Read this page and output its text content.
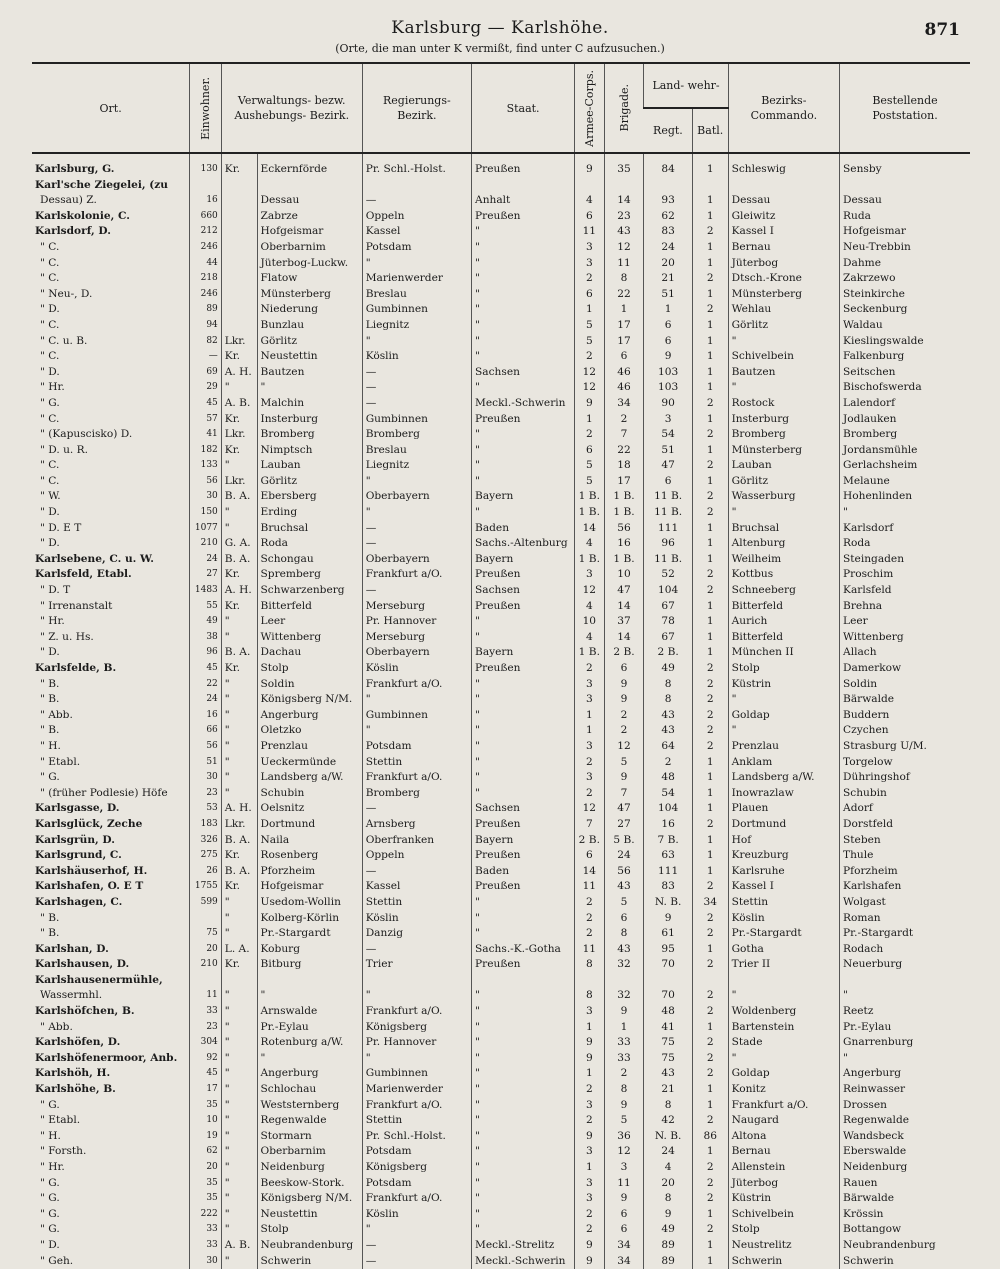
Karlsburg — Karlshöhe.	871
(Orte, die man unter K vermißt, find unter C aufzusuchen.)
Ort.	Einwohner.	Verwaltungs- bezw. Aushebungs- Bezirk.		Regierungs- Bezirk.	Staat.	Armee-Corps.	Brigade.	Land- wehr-		Bezirks- Commando.	Bestellende Poststation.
								Regt.	Batl.		
Karlsburg, G.	130	Kr.	Eckernförde	Pr. Schl.-Holst.	Preußen	9	35	84	1	Schleswig	Sensby
Karl'sche Ziegelei, (zu											
Dessau) Z.	16		Dessau	—	Anhalt	4	14	93	1	Dessau	Dessau
Karlskolonie, C.	660		Zabrze	Oppeln	Preußen	6	23	62	1	Gleiwitz	Ruda
Karlsdorf, D.	212		Hofgeismar	Kassel	"	11	43	83	2	Kassel I	Hofgeismar
" C.	246		Oberbarnim	Potsdam	"	3	12	24	1	Bernau	Neu-Trebbin
" C.	44		Jüterbog-Luckw.	"	"	3	11	20	1	Jüterbog	Dahme
" C.	218		Flatow	Marienwerder	"	2	8	21	2	Dtsch.-Krone	Zakrzewo
" Neu-, D.	246		Münsterberg	Breslau	"	6	22	51	1	Münsterberg	Steinkirche
" D.	89		Niederung	Gumbinnen	"	1	1	1	2	Wehlau	Seckenburg
" C.	94		Bunzlau	Liegnitz	"	5	17	6	1	Görlitz	Waldau
" C. u. B.	82	Lkr.	Görlitz	"	"	5	17	6	1	"	Kieslingswalde
" C.	—	Kr.	Neustettin	Köslin	"	2	6	9	1	Schivelbein	Falkenburg
" D.	69	A. H.	Bautzen	—	Sachsen	12	46	103	1	Bautzen	Seitschen
" Hr.	29	"	"	—	"	12	46	103	1	"	Bischofswerda
" G.	45	A. B.	Malchin	—	Meckl.-Schwerin	9	34	90	2	Rostock	Lalendorf
" C.	57	Kr.	Insterburg	Gumbinnen	Preußen	1	2	3	1	Insterburg	Jodlauken
" (Kapuscisko) D.	41	Lkr.	Bromberg	Bromberg	"	2	7	54	2	Bromberg	Bromberg
" D. u. R.	182	Kr.	Nimptsch	Breslau	"	6	22	51	1	Münsterberg	Jordansmühle
" C.	133	"	Lauban	Liegnitz	"	5	18	47	2	Lauban	Gerlachsheim
" C.	56	Lkr.	Görlitz	"	"	5	17	6	1	Görlitz	Melaune
" W.	30	B. A.	Ebersberg	Oberbayern	Bayern	1 B.	1 B.	11 B.	2	Wasserburg	Hohenlinden
" D.	150	"	Erding	"	"	1 B.	1 B.	11 B.	2	"	"
" D. E T	1077	"	Bruchsal	—	Baden	14	56	111	1	Bruchsal	Karlsdorf
" D.	210	G. A.	Roda	—	Sachs.-Altenburg	4	16	96	1	Altenburg	Roda
Karlsebene, C. u. W.	24	B. A.	Schongau	Oberbayern	Bayern	1 B.	1 B.	11 B.	1	Weilheim	Steingaden
Karlsfeld, Etabl.	27	Kr.	Spremberg	Frankfurt a/O.	Preußen	3	10	52	2	Kottbus	Proschim
" D. T	1483	A. H.	Schwarzenberg	—	Sachsen	12	47	104	2	Schneeberg	Karlsfeld
" Irrenanstalt	55	Kr.	Bitterfeld	Merseburg	Preußen	4	14	67	1	Bitterfeld	Brehna
" Hr.	49	"	Leer	Pr. Hannover	"	10	37	78	1	Aurich	Leer
" Z. u. Hs.	38	"	Wittenberg	Merseburg	"	4	14	67	1	Bitterfeld	Wittenberg
" D.	96	B. A.	Dachau	Oberbayern	Bayern	1 B.	2 B.	2 B.	1	München II	Allach
Karlsfelde, B.	45	Kr.	Stolp	Köslin	Preußen	2	6	49	2	Stolp	Damerkow
" B.	22	"	Soldin	Frankfurt a/O.	"	3	9	8	2	Küstrin	Soldin
" B.	24	"	Königsberg N/M.	"	"	3	9	8	2	"	Bärwalde
" Abb.	16	"	Angerburg	Gumbinnen	"	1	2	43	2	Goldap	Buddern
" B.	66	"	Oletzko	"	"	1	2	43	2	"	Czychen
" H.	56	"	Prenzlau	Potsdam	"	3	12	64	2	Prenzlau	Strasburg U/M.
" Etabl.	51	"	Ueckermünde	Stettin	"	2	5	2	1	Anklam	Torgelow
" G.	30	"	Landsberg a/W.	Frankfurt a/O.	"	3	9	48	1	Landsberg a/W.	Dühringshof
" (früher Podlesie) Höfe	23	"	Schubin	Bromberg	"	2	7	54	1	Inowrazlaw	Schubin
Karlsgasse, D.	53	A. H.	Oelsnitz	—	Sachsen	12	47	104	1	Plauen	Adorf
Karlsglück, Zeche	183	Lkr.	Dortmund	Arnsberg	Preußen	7	27	16	2	Dortmund	Dorstfeld
Karlsgrün, D.	326	B. A.	Naila	Oberfranken	Bayern	2 B.	5 B.	7 B.	1	Hof	Steben
Karlsgrund, C.	275	Kr.	Rosenberg	Oppeln	Preußen	6	24	63	1	Kreuzburg	Thule
Karlshäuserhof, H.	26	B. A.	Pforzheim	—	Baden	14	56	111	1	Karlsruhe	Pforzheim
Karlshafen, O. E T	1755	Kr.	Hofgeismar	Kassel	Preußen	11	43	83	2	Kassel I	Karlshafen
Karlshagen, C.	599	"	Usedom-Wollin	Stettin	"	2	5	N. B.	34	Stettin	Wolgast
" B.		"	Kolberg-Körlin	Köslin	"	2	6	9	2	Köslin	Roman
" B.	75	"	Pr.-Stargardt	Danzig	"	2	8	61	2	Pr.-Stargardt	Pr.-Stargardt
Karlshan, D.	20	L. A.	Koburg	—	Sachs.-K.-Gotha	11	43	95	1	Gotha	Rodach
Karlshausen, D.	210	Kr.	Bitburg	Trier	Preußen	8	32	70	2	Trier II	Neuerburg
Karlshausenermühle,											
Wassermhl.	11	"	"	"	"	8	32	70	2	"	"
Karlshöfchen, B.	33	"	Arnswalde	Frankfurt a/O.	"	3	9	48	2	Woldenberg	Reetz
" Abb.	23	"	Pr.-Eylau	Königsberg	"	1	1	41	1	Bartenstein	Pr.-Eylau
Karlshöfen, D.	304	"	Rotenburg a/W.	Pr. Hannover	"	9	33	75	2	Stade	Gnarrenburg
Karlshöfenermoor, Anb.	92	"	"	"	"	9	33	75	2	"	"
Karlshöh, H.	45	"	Angerburg	Gumbinnen	"	1	2	43	2	Goldap	Angerburg
Karlshöhe, B.	17	"	Schlochau	Marienwerder	"	2	8	21	1	Konitz	Reinwasser
" G.	35	"	Weststernberg	Frankfurt a/O.	"	3	9	8	1	Frankfurt a/O.	Drossen
" Etabl.	10	"	Regenwalde	Stettin	"	2	5	42	2	Naugard	Regenwalde
" H.	19	"	Stormarn	Pr. Schl.-Holst.	"	9	36	N. B.	86	Altona	Wandsbeck
" Forsth.	62	"	Oberbarnim	Potsdam	"	3	12	24	1	Bernau	Eberswalde
" Hr.	20	"	Neidenburg	Königsberg	"	1	3	4	2	Allenstein	Neidenburg
" G.	35	"	Beeskow-Stork.	Potsdam	"	3	11	20	2	Jüterbog	Rauen
" G.	35	"	Königsberg N/M.	Frankfurt a/O.	"	3	9	8	2	Küstrin	Bärwalde
" G.	222	"	Neustettin	Köslin	"	2	6	9	1	Schivelbein	Krössin
" G.	33	"	Stolp	"	"	2	6	49	2	Stolp	Bottangow
" D.	33	A. B.	Neubrandenburg	—	Meckl.-Strelitz	9	34	89	1	Neustrelitz	Neubrandenburg
" Geh.	30	"	Schwerin	—	Meckl.-Schwerin	9	34	89	1	Schwerin	Schwerin
